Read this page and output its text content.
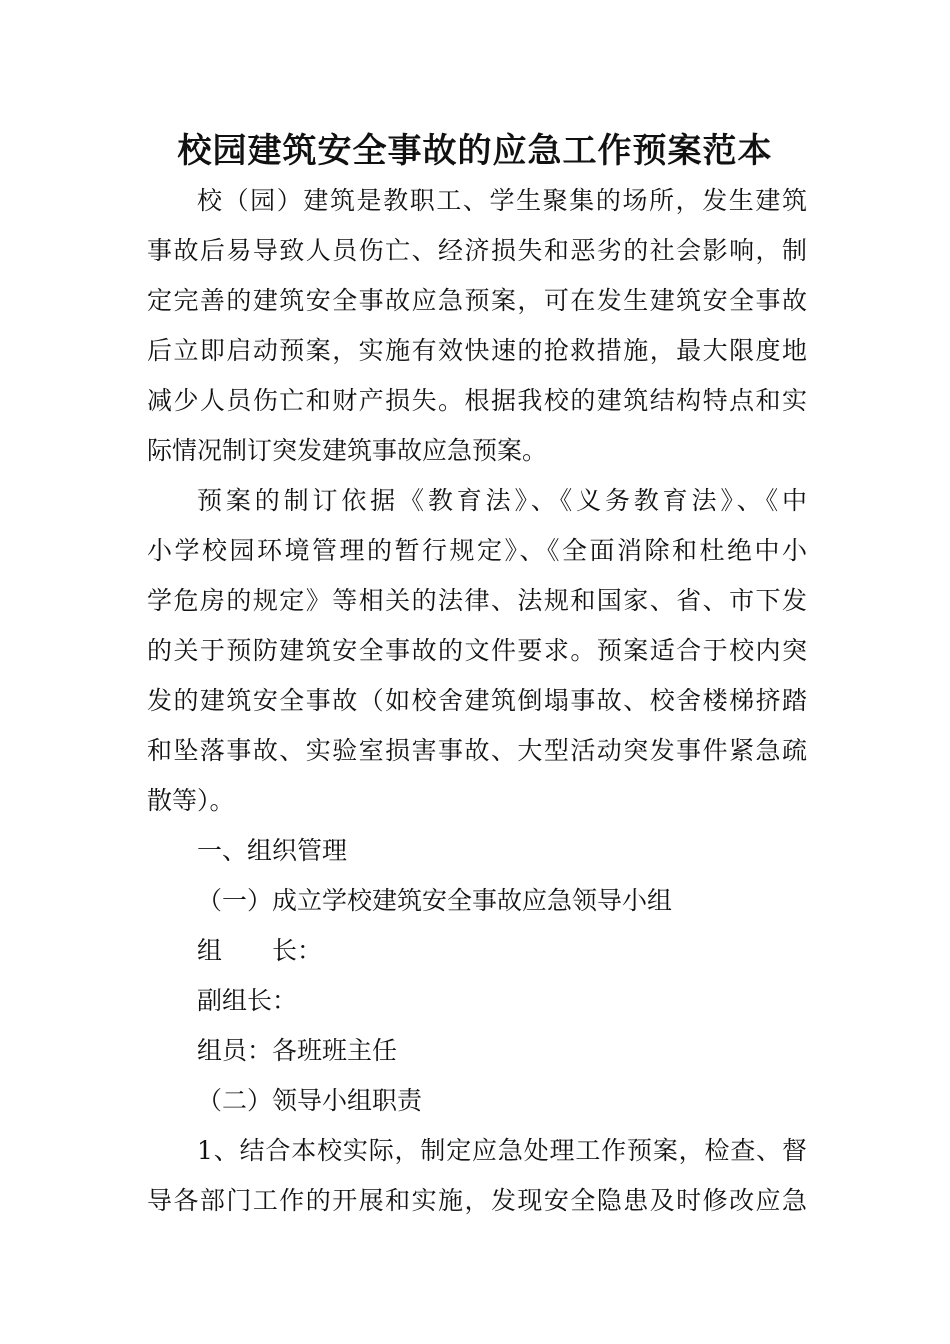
校园建筑安全事故的应急工作预案范本
校（园）建筑是教职工、学生聚集的场所，发生建筑
事故后易导致人员伤亡、经济损失和恶劣的社会影响，制
定完善的建筑安全事故应急预案，可在发生建筑安全事故
后立即启动预案，实施有效快速的抢救措施，最大限度地
减少人员伤亡和财产损失。根据我校的建筑结构特点和实
际情况制订突发建筑事故应急预案。
预案的制订依据《教育法》、《义务教育法》、《中
小学校园环境管理的暂行规定》、《全面消除和杜绝中小
学危房的规定》等相关的法律、法规和国家、省、市下发
的关于预防建筑安全事故的文件要求。预案适合于校内突
发的建筑安全事故（如校舍建筑倒塌事故、校舍楼梯挤踏
和坠落事故、实验室损害事故、大型活动突发事件紧急疏
散等）。
一、组织管理
（一）成立学校建筑安全事故应急领导小组
组　　长：
副组长：
组员：各班班主任
（二）领导小组职责
1、结合本校实际，制定应急处理工作预案，检查、督
导各部门工作的开展和实施，发现安全隐患及时修改应急
